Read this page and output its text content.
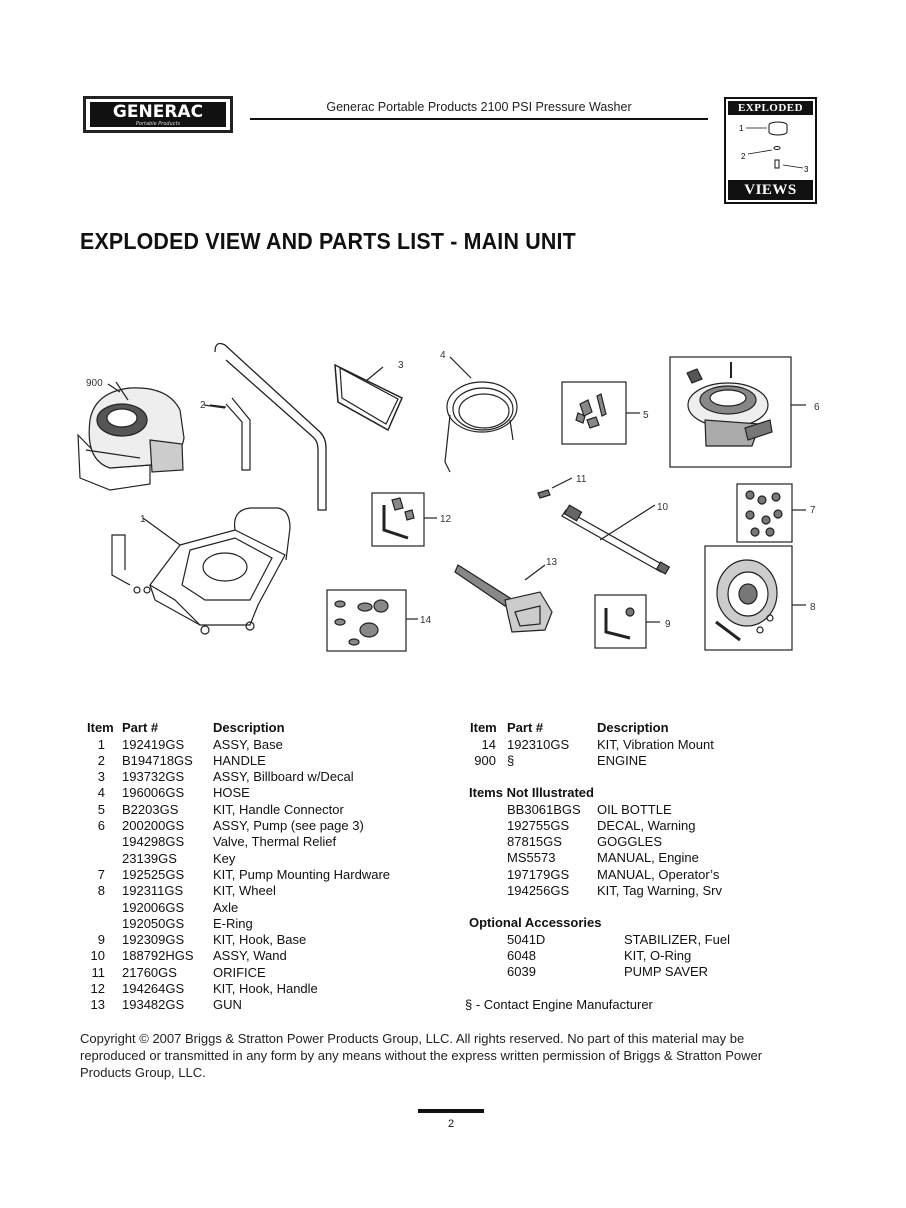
GENERAC
Portable Products
Generac Portable Products 2100 PSI Pressure Washer	EXPLODED
1
2
3
VIEWS
EXPLODED VIEW AND PARTS LIST - MAIN UNIT
900
2
3
4
5
6
1
11
12
10	7
13
14	9
8
Item Part #	Description
1 192419GS ASSY, Base
2 B194718GS HANDLE
3 193732GS ASSY, Billboard w/Decal
4 196006GS HOSE
5 B2203GS	KIT, Handle Connector
6 200200GS ASSY, Pump (see page 3)
194298GS Valve, Thermal Relief
23139GS	Key
7 192525GS KIT, Pump Mounting Hardware
8 192311GS KIT, Wheel
192006GS Axle
192050GS E-Ring
9 192309GS KIT, Hook, Base
10 188792HGS ASSY, Wand
11 21760GS	ORIFICE
12 194264GS KIT, Hook, Handle
13 193482GS GUN
Item Part #	Description
14 192310GS KIT, Vibration Mount
900 §	ENGINE
Items Not Illustrated
BB3061BGS OIL BOTTLE
192755GS DECAL, Warning
87815GS	GOGGLES
MS5573	MANUAL, Engine
197179GS MANUAL, Operator’s
194256GS KIT, Tag Warning, Srv
Optional Accessories
5041D	STABILIZER, Fuel
6048	KIT, O-Ring
6039	PUMP SAVER
§ - Contact Engine Manufacturer
Copyright © 2007 Briggs & Stratton Power Products Group, LLC. All rights reserved. No part of this material may be reproduced or transmitted in any form by any means without the express written permission of Briggs & Stratton Power Products Group, LLC.
2
